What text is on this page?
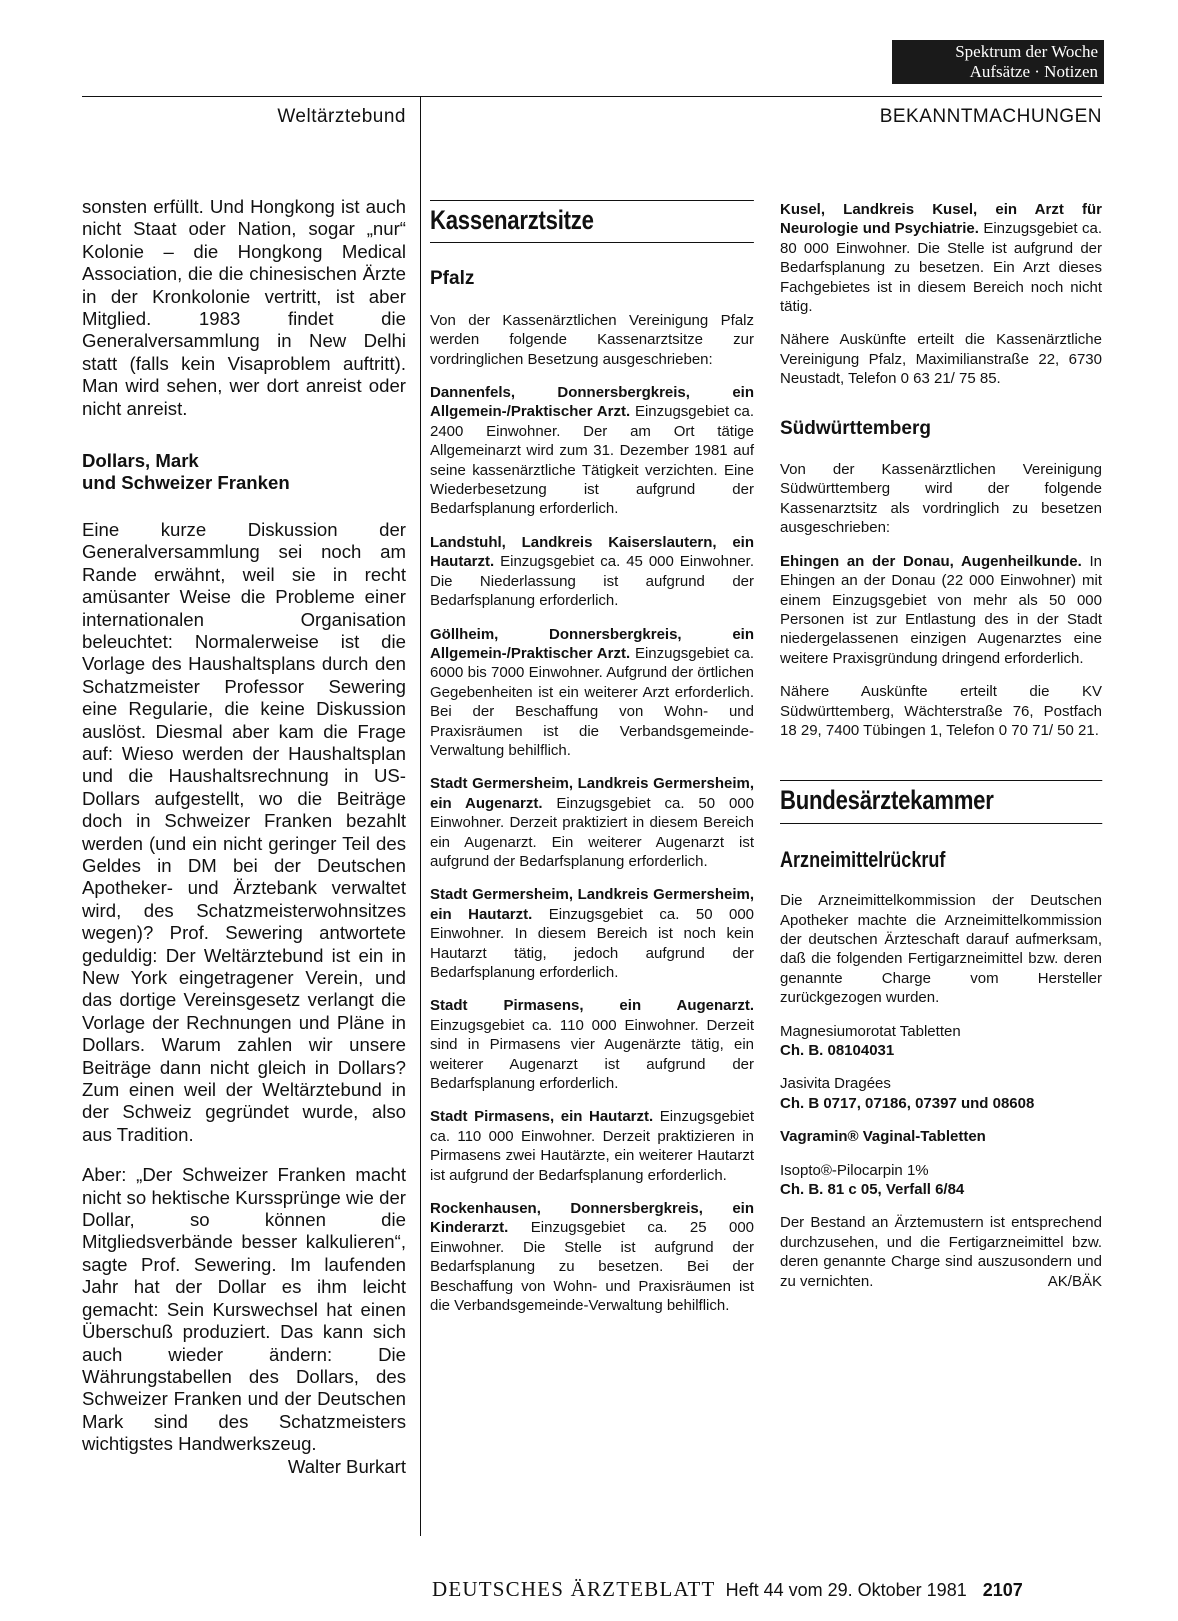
Spektrum der Woche
Aufsätze · Notizen
Weltärztebund	BEKANNTMACHUNGEN

sonsten erfüllt. Und Hongkong ist auch nicht Staat oder Nation, sogar „nur“ Kolonie – die Hongkong Medical Association, die die chinesischen Ärzte in der Kronkolonie vertritt, ist aber Mitglied. 1983 findet die Generalversammlung in New Delhi statt (falls kein Visaproblem auftritt). Man wird sehen, wer dort anreist oder nicht anreist.

Dollars, Mark
und Schweizer Franken

Eine kurze Diskussion der Generalversammlung sei noch am Rande erwähnt, weil sie in recht amüsanter Weise die Probleme einer internationalen Organisation beleuchtet: Normalerweise ist die Vorlage des Haushaltsplans durch den Schatzmeister Professor Sewering eine Regularie, die keine Diskussion auslöst. Diesmal aber kam die Frage auf: Wieso werden der Haushaltsplan und die Haushaltsrechnung in US-Dollars aufgestellt, wo die Beiträge doch in Schweizer Franken bezahlt werden (und ein nicht geringer Teil des Geldes in DM bei der Deutschen Apotheker- und Ärztebank verwaltet wird, des Schatzmeisterwohnsitzes wegen)? Prof. Sewering antwortete geduldig: Der Weltärztebund ist ein in New York eingetragener Verein, und das dortige Vereinsgesetz verlangt die Vorlage der Rechnungen und Pläne in Dollars. Warum zahlen wir unsere Beiträge dann nicht gleich in Dollars? Zum einen weil der Weltärztebund in der Schweiz gegründet wurde, also aus Tradition.

Aber: „Der Schweizer Franken macht nicht so hektische Kurssprünge wie der Dollar, so können die Mitgliedsverbände besser kalkulieren“, sagte Prof. Sewering. Im laufenden Jahr hat der Dollar es ihm leicht gemacht: Sein Kurswechsel hat einen Überschuß produziert. Das kann sich auch wieder ändern: Die Währungstabellen des Dollars, des Schweizer Franken und der Deutschen Mark sind des Schatzmeisters wichtigstes Handwerkszeug.
Walter Burkart

Kassenarztsitze
Pfalz

Von der Kassenärztlichen Vereinigung Pfalz werden folgende Kassenarztsitze zur vordringlichen Besetzung ausgeschrieben:

Dannenfels, Donnersbergkreis, ein Allgemein-/Praktischer Arzt. Einzugsgebiet ca. 2400 Einwohner. Der am Ort tätige Allgemeinarzt wird zum 31. Dezember 1981 auf seine kassenärztliche Tätigkeit verzichten. Eine Wiederbesetzung ist aufgrund der Bedarfsplanung erforderlich.

Landstuhl, Landkreis Kaiserslautern, ein Hautarzt. Einzugsgebiet ca. 45 000 Einwohner. Die Niederlassung ist aufgrund der Bedarfsplanung erforderlich.

Göllheim, Donnersbergkreis, ein Allgemein-/Praktischer Arzt. Einzugsgebiet ca. 6000 bis 7000 Einwohner. Aufgrund der örtlichen Gegebenheiten ist ein weiterer Arzt erforderlich. Bei der Beschaffung von Wohn- und Praxisräumen ist die Verbandsgemeinde-Verwaltung behilflich.

Stadt Germersheim, Landkreis Germersheim, ein Augenarzt. Einzugsgebiet ca. 50 000 Einwohner. Derzeit praktiziert in diesem Bereich ein Augenarzt. Ein weiterer Augenarzt ist aufgrund der Bedarfsplanung erforderlich.

Stadt Germersheim, Landkreis Germersheim, ein Hautarzt. Einzugsgebiet ca. 50 000 Einwohner. In diesem Bereich ist noch kein Hautarzt tätig, jedoch aufgrund der Bedarfsplanung erforderlich.

Stadt Pirmasens, ein Augenarzt. Einzugsgebiet ca. 110 000 Einwohner. Derzeit sind in Pirmasens vier Augenärzte tätig, ein weiterer Augenarzt ist aufgrund der Bedarfsplanung erforderlich.

Stadt Pirmasens, ein Hautarzt. Einzugsgebiet ca. 110 000 Einwohner. Derzeit praktizieren in Pirmasens zwei Hautärzte, ein weiterer Hautarzt ist aufgrund der Bedarfsplanung erforderlich.

Rockenhausen, Donnersbergkreis, ein Kinderarzt. Einzugsgebiet ca. 25 000 Einwohner. Die Stelle ist aufgrund der Bedarfsplanung zu besetzen. Bei der Beschaffung von Wohn- und Praxisräumen ist die Verbandsgemeinde-Verwaltung behilflich.

Kusel, Landkreis Kusel, ein Arzt für Neurologie und Psychiatrie. Einzugsgebiet ca. 80 000 Einwohner. Die Stelle ist aufgrund der Bedarfsplanung zu besetzen. Ein Arzt dieses Fachgebietes ist in diesem Bereich noch nicht tätig.

Nähere Auskünfte erteilt die Kassenärztliche Vereinigung Pfalz, Maximilianstraße 22, 6730 Neustadt, Telefon 0 63 21/ 75 85.

Südwürttemberg

Von der Kassenärztlichen Vereinigung Südwürttemberg wird der folgende Kassenarztsitz als vordringlich zu besetzen ausgeschrieben:

Ehingen an der Donau, Augenheilkunde. In Ehingen an der Donau (22 000 Einwohner) mit einem Einzugsgebiet von mehr als 50 000 Personen ist zur Entlastung des in der Stadt niedergelassenen einzigen Augenarztes eine weitere Praxisgründung dringend erforderlich.

Nähere Auskünfte erteilt die KV Südwürttemberg, Wächterstraße 76, Postfach 18 29, 7400 Tübingen 1, Telefon 0 70 71/ 50 21.

Bundesärztekammer
Arzneimittelrückruf

Die Arzneimittelkommission der Deutschen Apotheker machte die Arzneimittelkommission der deutschen Ärzteschaft darauf aufmerksam, daß die folgenden Fertigarzneimittel bzw. deren genannte Charge vom Hersteller zurückgezogen wurden.

Magnesiumorotat Tabletten
Ch. B. 08104031

Jasivita Dragées
Ch. B 0717, 07186, 07397 und 08608

Vagramin® Vaginal-Tabletten

Isopto®-Pilocarpin 1%
Ch. B. 81 c 05, Verfall 6/84

Der Bestand an Ärztemustern ist entsprechend durchzusehen, und die Fertigarzneimittel bzw. deren genannte Charge sind auszusondern und zu vernichten.	AK/BÄK

DEUTSCHES ÄRZTEBLATT Heft 44 vom 29. Oktober 1981 2107
